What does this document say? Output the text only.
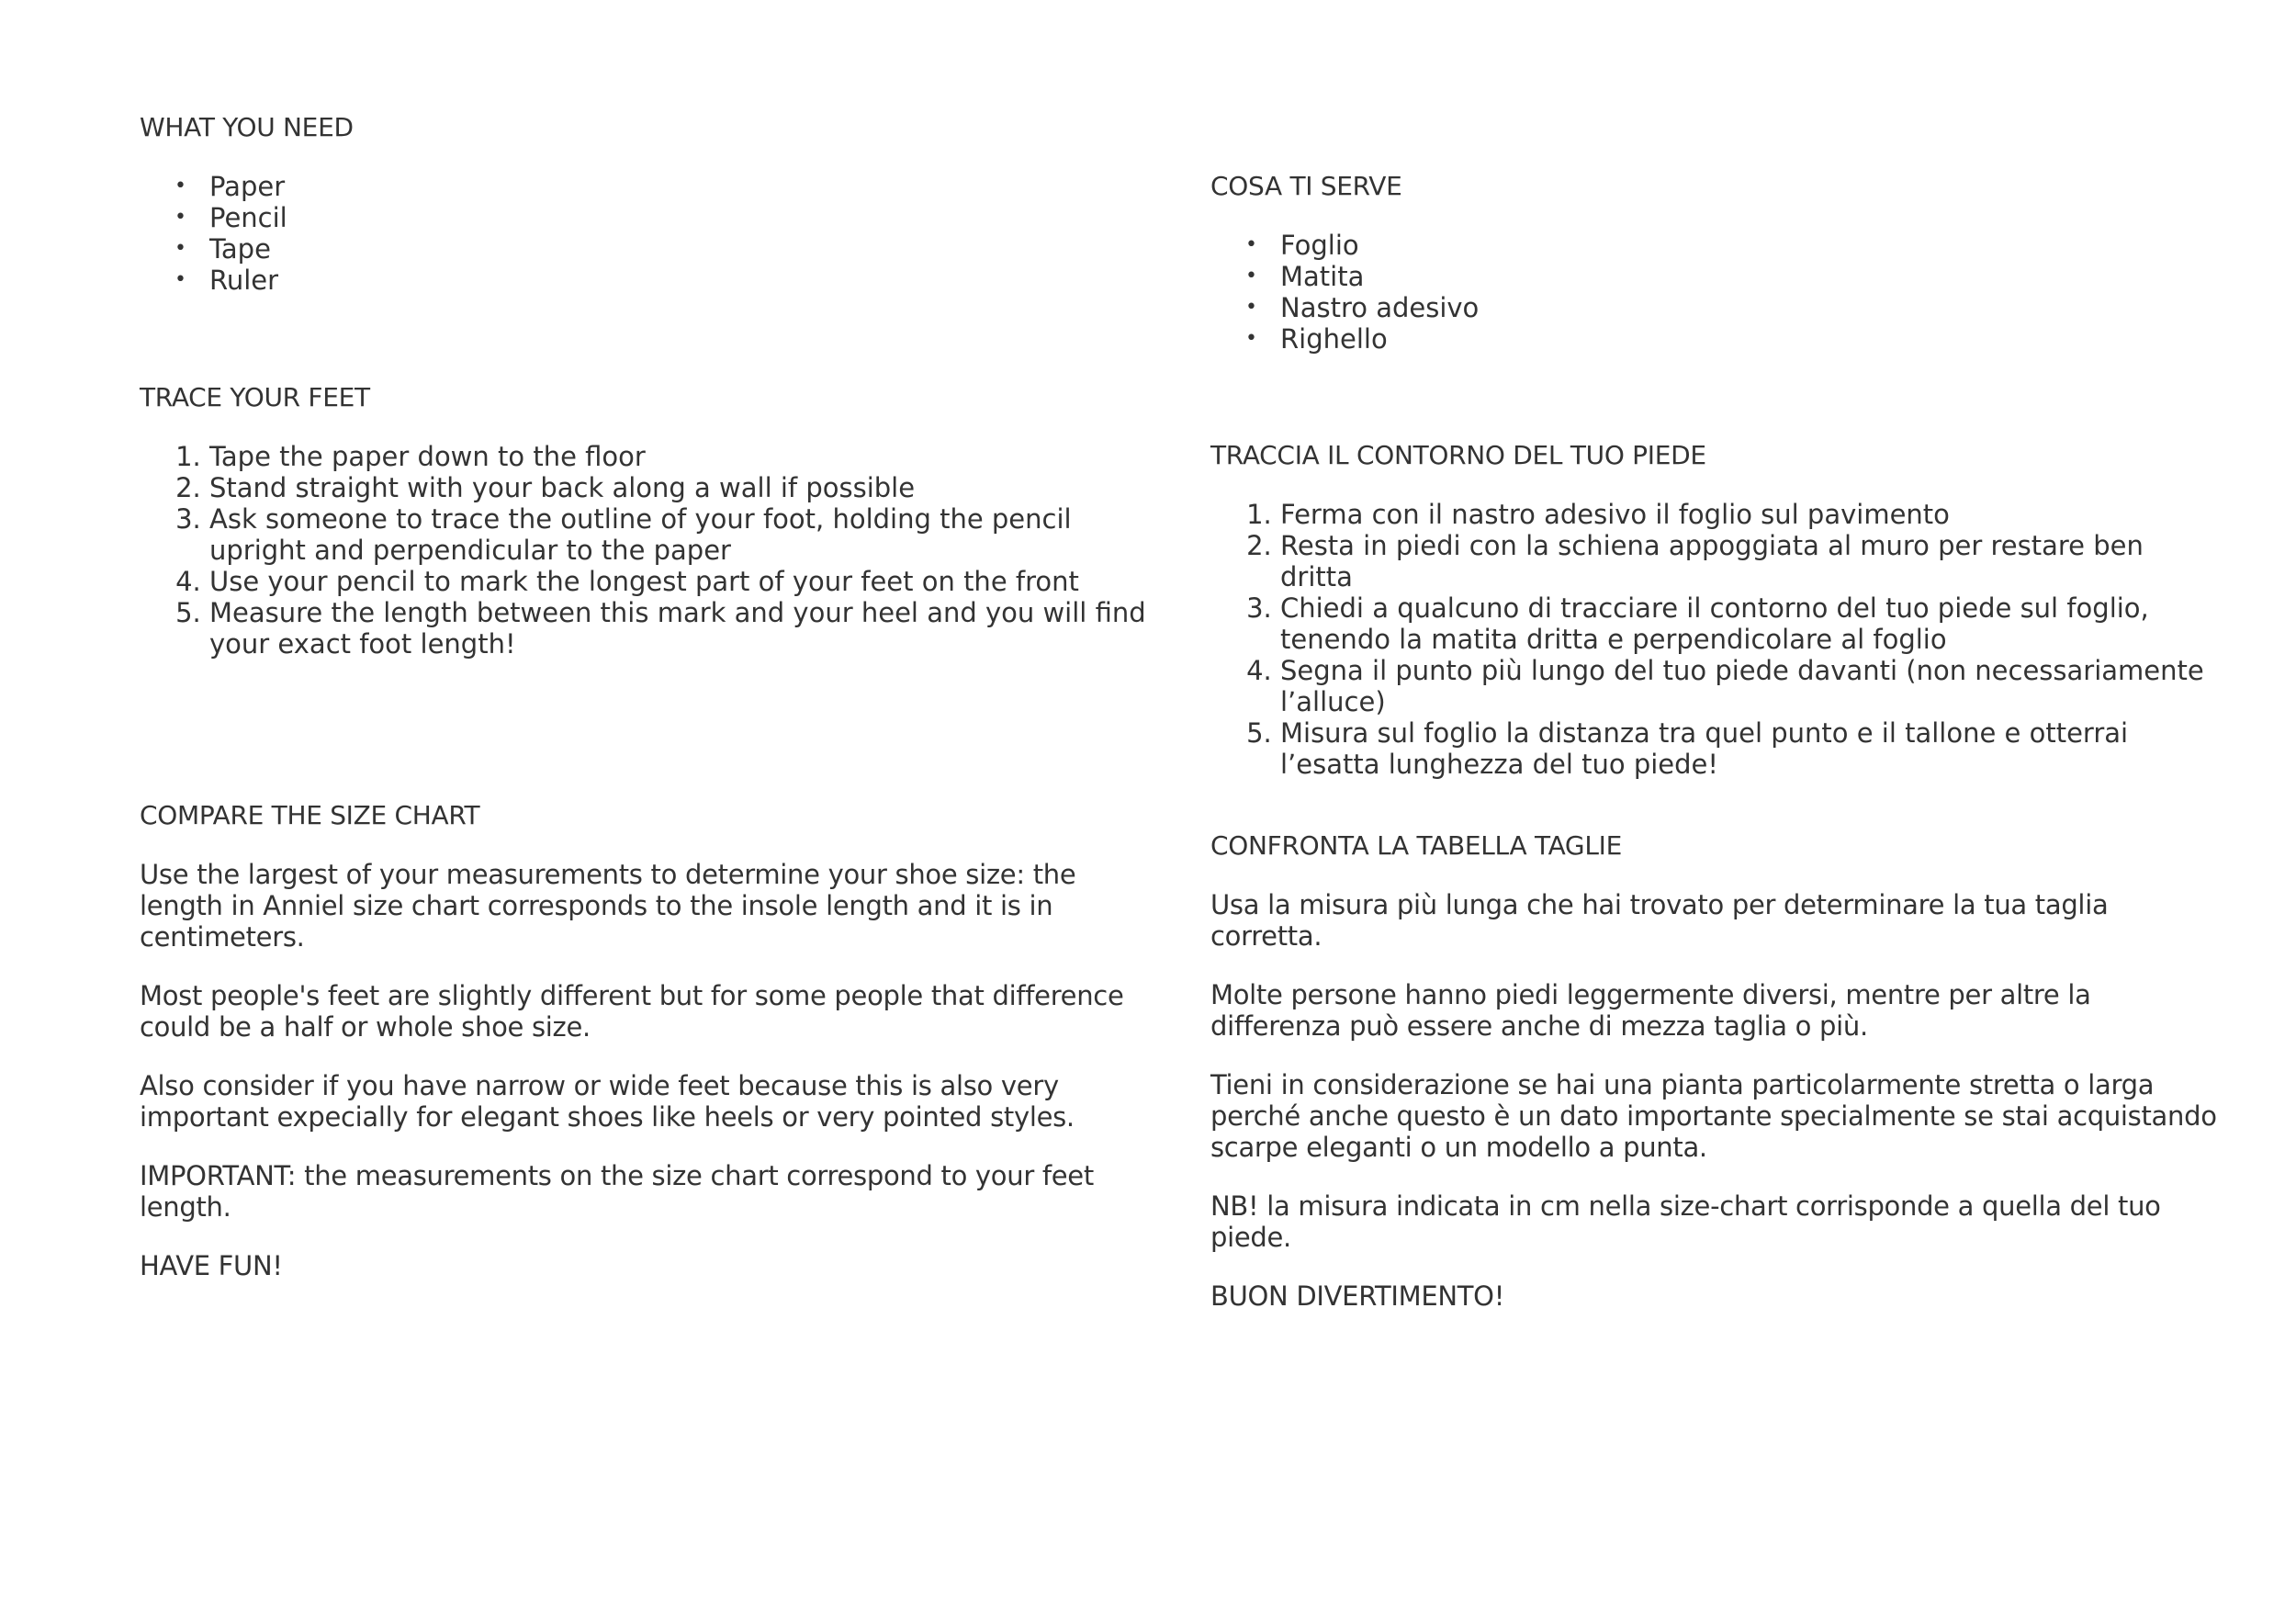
WHAT YOU NEED
• Paper
• Pencil
• Tape
• Ruler
TRACE YOUR FEET
1. Tape the paper down to the floor
2. Stand straight with your back along a wall if possible
3. Ask someone to trace the outline of your foot, holding the pencil upright and perpendicular to the paper
4. Use your pencil to mark the longest part of your feet on the front
5. Measure the length between this mark and your heel and you will find your exact foot length!
COMPARE THE SIZE CHART

Use the largest of your measurements to determine your shoe size: the length in Anniel size chart corresponds to the insole length and it is in centimeters.

Most people's feet are slightly different but for some people that difference could be a half or whole shoe size.

Also consider if you have narrow or wide feet because this is also very important expecially for elegant shoes like heels or very pointed styles.

IMPORTANT: the measurements on the size chart correspond to your feet length.

HAVE FUN!

COSA TI SERVE
• Foglio
• Matita
• Nastro adesivo
• Righello
TRACCIA IL CONTORNO DEL TUO PIEDE
1. Ferma con il nastro adesivo il foglio sul pavimento
2. Resta in piedi con la schiena appoggiata al muro per restare ben dritta
3. Chiedi a qualcuno di tracciare il contorno del tuo piede sul foglio, tenendo la matita dritta e perpendicolare al foglio
4. Segna il punto più lungo del tuo piede davanti (non necessariamente l’alluce)
5. Misura sul foglio la distanza tra quel punto e il tallone e otterrai l’esatta lunghezza del tuo piede!
CONFRONTA LA TABELLA TAGLIE

Usa la misura più lunga che hai trovato per determinare la tua taglia corretta.

Molte persone hanno piedi leggermente diversi, mentre per altre la differenza può essere anche di mezza taglia o più.

Tieni in considerazione se hai una pianta particolarmente stretta o larga perché anche questo è un dato importante specialmente se stai acquistando scarpe eleganti o un modello a punta.

NB! la misura indicata in cm nella size-chart corrisponde a quella del tuo piede.

BUON DIVERTIMENTO!
